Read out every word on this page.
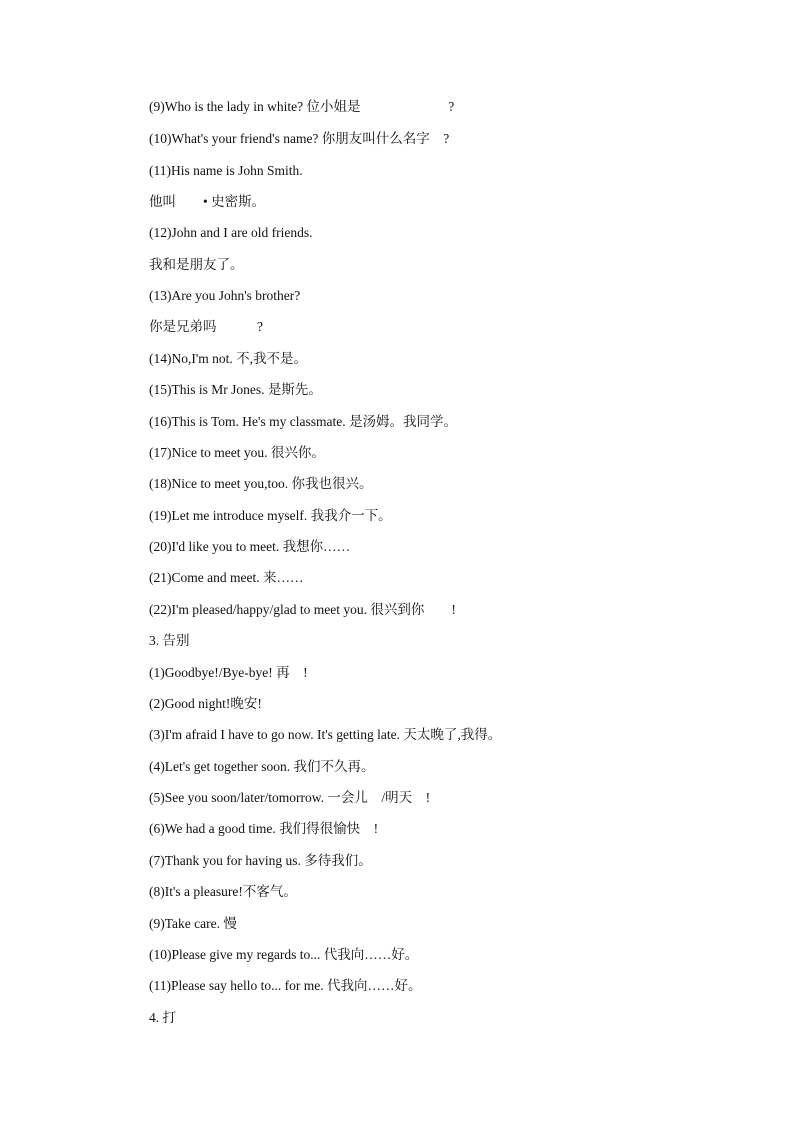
(9)Who is the lady in white? 位小姐是                          ?
(10)What's your friend's name? 你朋友叫什么名字    ?
(11)His name is John Smith.
他叫        • 史密斯。
(12)John and I are old friends.
我和是朋友了。
(13)Are you John's brother?
你是兄弟吗            ?
(14)No,I'm not. 不,我不是。
(15)This is Mr Jones. 是斯先。
(16)This is Tom. He's my classmate. 是汤姆。我同学。
(17)Nice to meet you. 很兴你。
(18)Nice to meet you,too. 你我也很兴。
(19)Let me introduce myself. 我我介一下。
(20)I'd like you to meet. 我想你……
(21)Come and meet. 来……
(22)I'm pleased/happy/glad to meet you. 很兴到你        !
3. 告别
(1)Goodbye!/Bye-bye! 再    !
(2)Good night!晚安!
(3)I'm afraid I have to go now. It's getting late. 天太晚了,我得。
(4)Let's get together soon. 我们不久再。
(5)See you soon/later/tomorrow. 一会儿    /明天    !
(6)We had a good time. 我们得很愉快    !
(7)Thank you for having us. 多待我们。
(8)It's a pleasure!不客气。
(9)Take care. 慢
(10)Please give my regards to... 代我向……好。
(11)Please say hello to... for me. 代我向……好。
4. 打
